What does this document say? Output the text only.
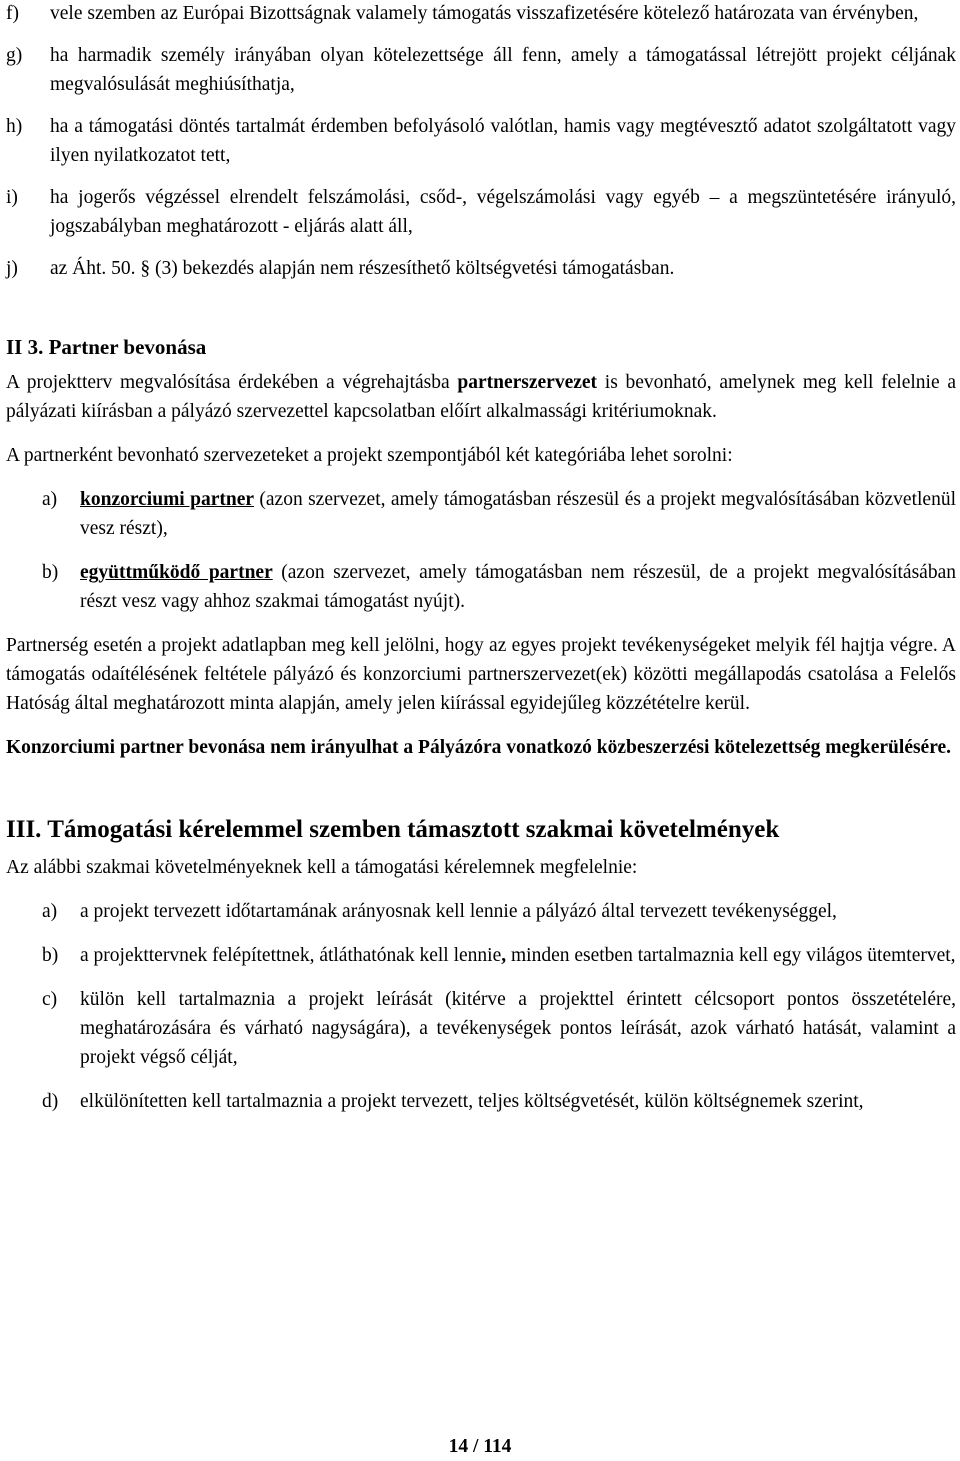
f)	vele szemben az Európai Bizottságnak valamely támogatás visszafizetésére kötelező határozata van érvényben,
g)	ha harmadik személy irányában olyan kötelezettsége áll fenn, amely a támogatással létrejött projekt céljának megvalósulását meghiúsíthatja,
h)	ha a támogatási döntés tartalmát érdemben befolyásoló valótlan, hamis vagy megtévesztő adatot szolgáltatott vagy ilyen nyilatkozatot tett,
i)	ha jogerős végzéssel elrendelt felszámolási, csőd-, végelszámolási vagy egyéb – a megszüntetésére irányuló, jogszabályban meghatározott - eljárás alatt áll,
j)	az Áht. 50. § (3) bekezdés alapján nem részesíthető költségvetési támogatásban.
II 3. Partner bevonása
A projektterv megvalósítása érdekében a végrehajtásba partnerszervezet is bevonható, amelynek meg kell felelnie a pályázati kiírásban a pályázó szervezettel kapcsolatban előírt alkalmassági kritériumoknak.
A partnerként bevonható szervezeteket a projekt szempontjából két kategóriába lehet sorolni:
a)	konzorciumi partner (azon szervezet, amely támogatásban részesül és a projekt megvalósításában közvetlenül vesz részt),
b)	együttműködő partner (azon szervezet, amely támogatásban nem részesül, de a projekt megvalósításában részt vesz vagy ahhoz szakmai támogatást nyújt).
Partnerség esetén a projekt adatlapban meg kell jelölni, hogy az egyes projekt tevékenységeket melyik fél hajtja végre. A támogatás odaítélésének feltétele pályázó és konzorciumi partnerszervezet(ek) közötti megállapodás csatolása a Felelős Hatóság által meghatározott minta alapján, amely jelen kiírással egyidejűleg közzétételre kerül.
Konzorciumi partner bevonása nem irányulhat a Pályázóra vonatkozó közbeszerzési kötelezettség megkerülésére.
III. Támogatási kérelemmel szemben támasztott szakmai követelmények
Az alábbi szakmai követelményeknek kell a támogatási kérelemnek megfelelnie:
a)	a projekt tervezett időtartamának arányosnak kell lennie a pályázó által tervezett tevékenységgel,
b)	a projekttervnek felépítettnek, átláthatónak kell lennie, minden esetben tartalmaznia kell egy világos ütemtervet,
c)	külön kell tartalmaznia a projekt leírását (kitérve a projekttel érintett célcsoport pontos összetételére, meghatározására és várható nagyságára), a tevékenységek pontos leírását, azok várható hatását, valamint a projekt végső célját,
d)	elkülönítetten kell tartalmaznia a projekt tervezett, teljes költségvetését, külön költségnemek szerint,
14 / 114
